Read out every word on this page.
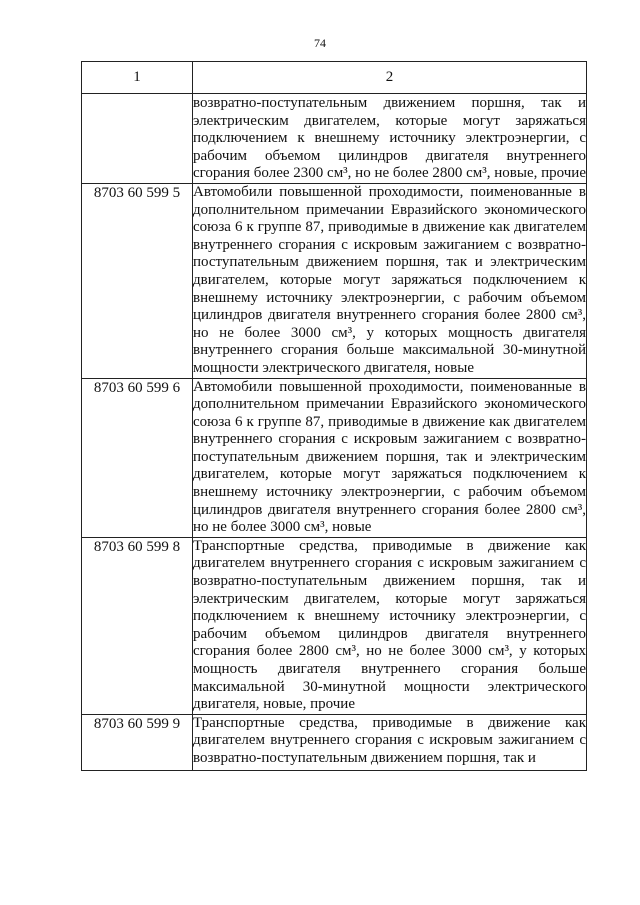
74
1	2
	возвратно-поступательным движением поршня, так и электрическим двигателем, которые могут заряжаться подключением к внешнему источнику электроэнергии, с рабочим объемом цилиндров двигателя внутреннего сгорания более 2300 см³, но не более 2800 см³, новые, прочие
8703 60 599 5	Автомобили повышенной проходимости, поименованные в дополнительном примечании Евразийского экономического союза 6 к группе 87, приводимые в движение как двигателем внутреннего сгорания с искровым зажиганием с возвратно-поступательным движением поршня, так и электрическим двигателем, которые могут заряжаться подключением к внешнему источнику электроэнергии, с рабочим объемом цилиндров двигателя внутреннего сгорания более 2800 см³, но не более 3000 см³, у которых мощность двигателя внутреннего сгорания больше максимальной 30-минутной мощности электрического двигателя, новые
8703 60 599 6	Автомобили повышенной проходимости, поименованные в дополнительном примечании Евразийского экономического союза 6 к группе 87, приводимые в движение как двигателем внутреннего сгорания с искровым зажиганием с возвратно-поступательным движением поршня, так и электрическим двигателем, которые могут заряжаться подключением к внешнему источнику электроэнергии, с рабочим объемом цилиндров двигателя внутреннего сгорания более 2800 см³, но не более 3000 см³, новые
8703 60 599 8	Транспортные средства, приводимые в движение как двигателем внутреннего сгорания с искровым зажиганием с возвратно-поступательным движением поршня, так и электрическим двигателем, которые могут заряжаться подключением к внешнему источнику электроэнергии, с рабочим объемом цилиндров двигателя внутреннего сгорания более 2800 см³, но не более 3000 см³, у которых мощность двигателя внутреннего сгорания больше максимальной 30-минутной мощности электрического двигателя, новые, прочие
8703 60 599 9	Транспортные средства, приводимые в движение как двигателем внутреннего сгорания с искровым зажиганием с возвратно-поступательным движением поршня, так и
